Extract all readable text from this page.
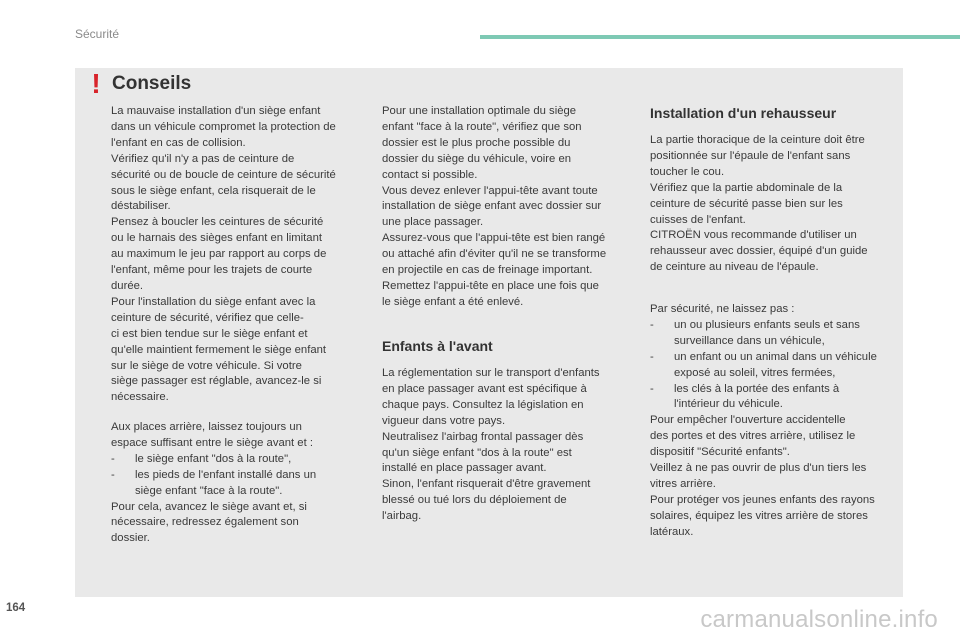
Sécurité
! Conseils

La mauvaise installation d'un siège enfant

dans un véhicule compromet la protection de

l'enfant en cas de collision.

Vérifiez qu'il n'y a pas de ceinture de

sécurité ou de boucle de ceinture de sécurité

sous le siège enfant, cela risquerait de le

déstabiliser.

Pensez à boucler les ceintures de sécurité

ou le harnais des sièges enfant en limitant

au maximum le jeu par rapport au corps de

l'enfant, même pour les trajets de courte

durée.

Pour l'installation du siège enfant avec la

ceinture de sécurité, vérifiez que celle-

ci est bien tendue sur le siège enfant et

qu'elle maintient fermement le siège enfant

sur le siège de votre véhicule. Si votre

siège passager est réglable, avancez-le si

nécessaire.

Aux places arrière, laissez toujours un

espace suffisant entre le siège avant et :

-	le siège enfant "dos à la route",

-	les pieds de l'enfant installé dans un

siège enfant "face à la route".

Pour cela, avancez le siège avant et, si

nécessaire, redressez également son

dossier.

Pour une installation optimale du siège

enfant "face à la route", vérifiez que son

dossier est le plus proche possible du

dossier du siège du véhicule, voire en

contact si possible.

Vous devez enlever l'appui-tête avant toute

installation de siège enfant avec dossier sur

une place passager.

Assurez-vous que l'appui-tête est bien rangé

ou attaché afin d'éviter qu'il ne se transforme

en projectile en cas de freinage important.

Remettez l'appui-tête en place une fois que

le siège enfant a été enlevé.

Enfants à l'avant

La réglementation sur le transport d'enfants

en place passager avant est spécifique à

chaque pays. Consultez la législation en

vigueur dans votre pays.

Neutralisez l'airbag frontal passager dès

qu'un siège enfant "dos à la route" est

installé en place passager avant.

Sinon, l'enfant risquerait d'être gravement

blessé ou tué lors du déploiement de

l'airbag.

Installation d'un rehausseur

La partie thoracique de la ceinture doit être

positionnée sur l'épaule de l'enfant sans

toucher le cou.

Vérifiez que la partie abdominale de la

ceinture de sécurité passe bien sur les

cuisses de l'enfant.

CITROËN vous recommande d'utiliser un

rehausseur avec dossier, équipé d'un guide

de ceinture au niveau de l'épaule.

Par sécurité, ne laissez pas :

-	un ou plusieurs enfants seuls et sans

surveillance dans un véhicule,

-	un enfant ou un animal dans un véhicule

exposé au soleil, vitres fermées,

-	les clés à la portée des enfants à

l'intérieur du véhicule.

Pour empêcher l'ouverture accidentelle

des portes et des vitres arrière, utilisez le

dispositif "Sécurité enfants".

Veillez à ne pas ouvrir de plus d'un tiers les

vitres arrière.

Pour protéger vos jeunes enfants des rayons

solaires, équipez les vitres arrière de stores

latéraux.

164	carmanualsonline.info
